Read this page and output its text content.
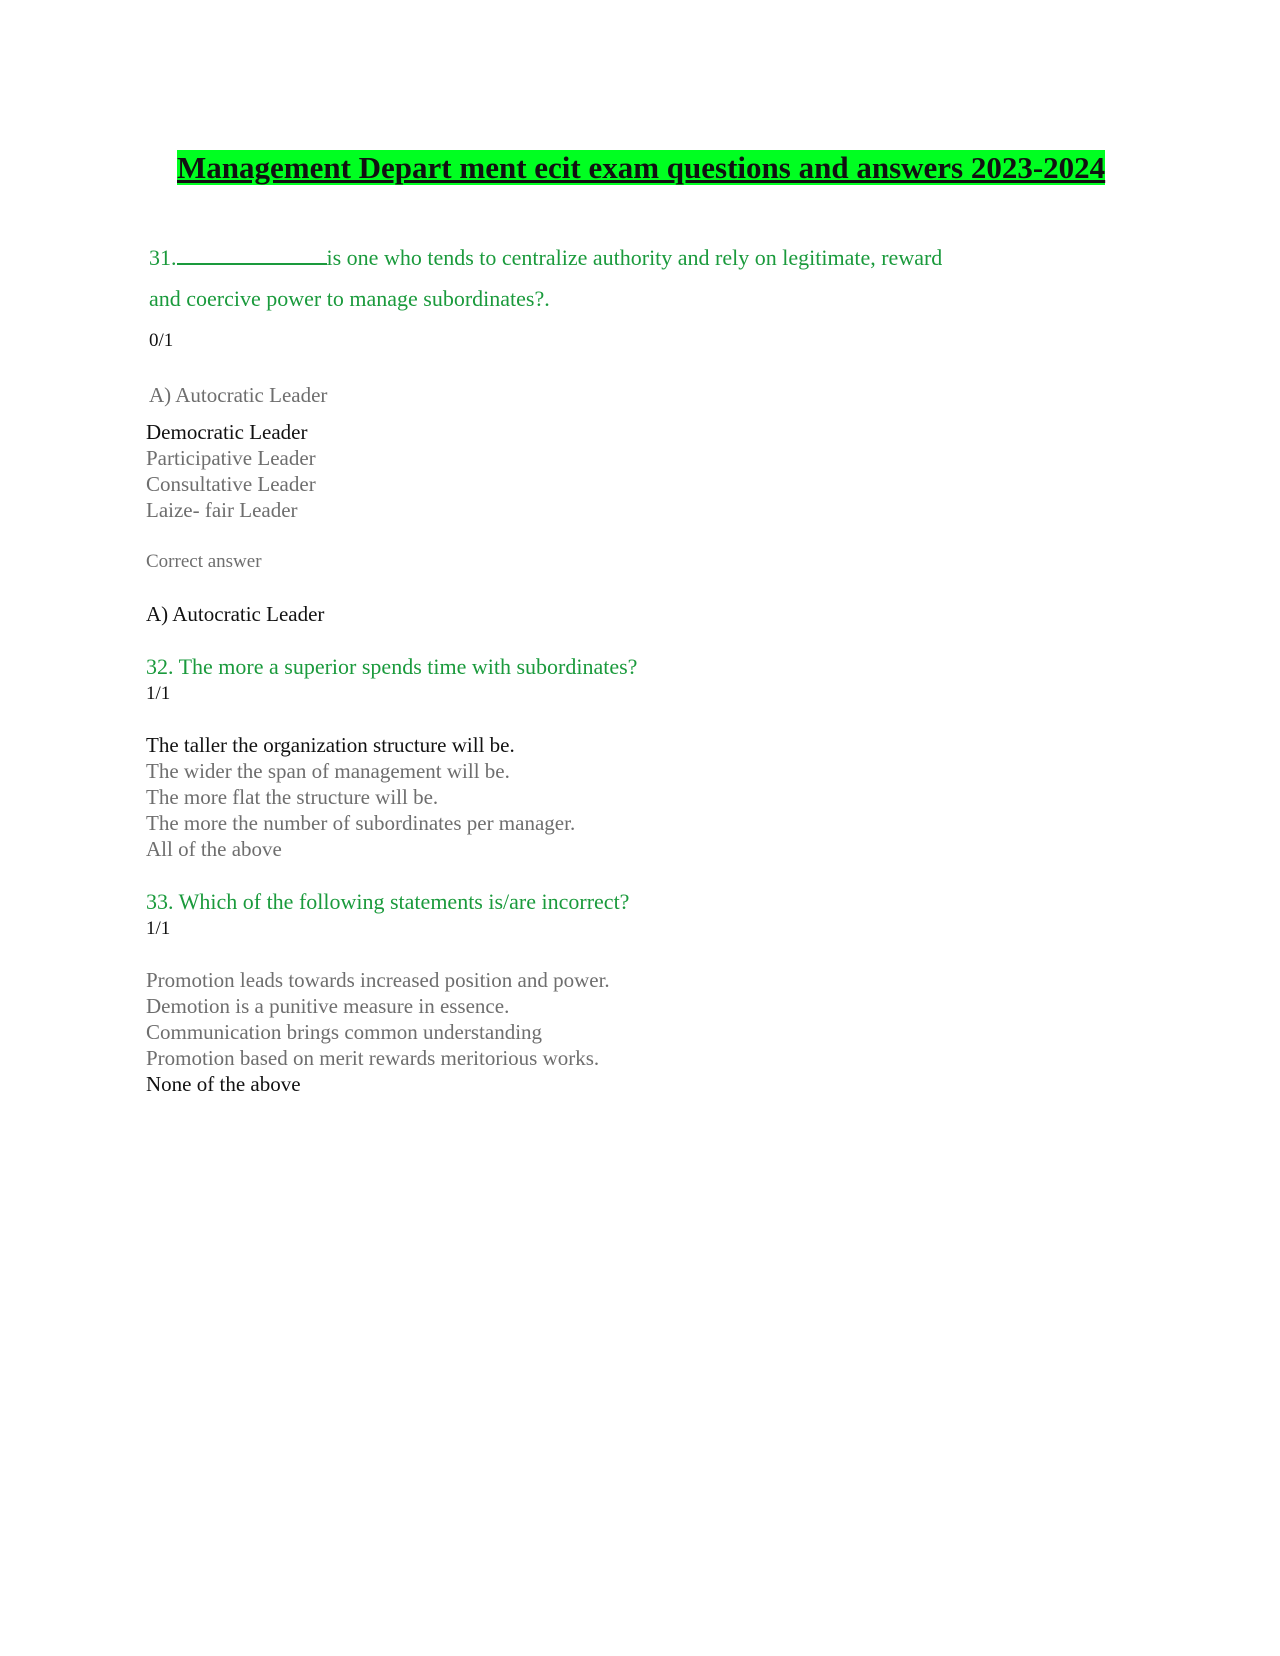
Management Depart ment ecit exam questions and answers 2023-2024

31.	is one who tends to centralize authority and rely on legitimate, reward

and coercive power to manage subordinates?.

0/1

A) Autocratic Leader

Democratic Leader

Participative Leader

Consultative Leader

Laize- fair Leader

Correct answer

A) Autocratic Leader

32. The more a superior spends time with subordinates?

1/1

The taller the organization structure will be.

The wider the span of management will be.

The more flat the structure will be.

The more the number of subordinates per manager.

All of the above

33. Which of the following statements is/are incorrect?

1/1

Promotion leads towards increased position and power.

Demotion is a punitive measure in essence.

Communication brings common understanding

Promotion based on merit rewards meritorious works.

None of the above
